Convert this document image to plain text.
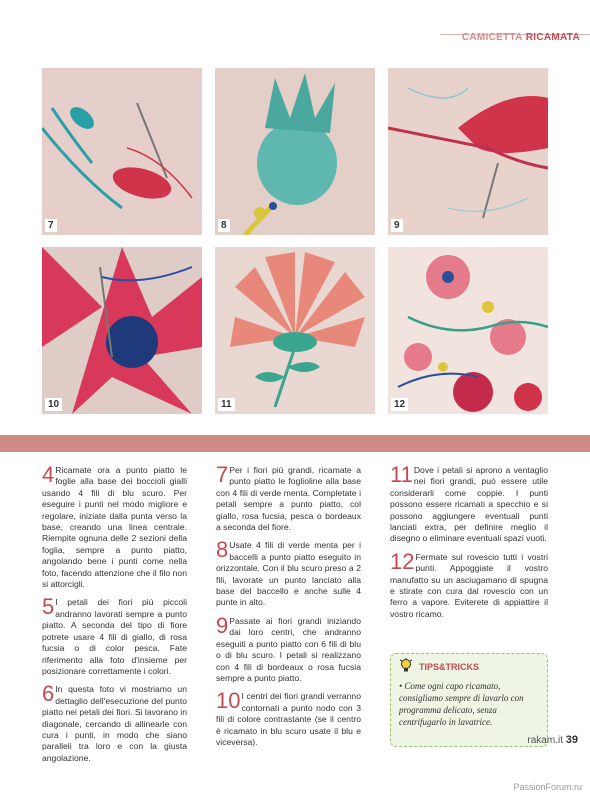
CAMICETTA RICAMATA
7	8	9
10	11	12

4 Ricamate ora a punto piatto le foglie alla base dei boccioli gialli usando 4 fili di blu scuro. Per eseguire i punti nel modo migliore e regolare, iniziate dalla punta verso la base, creando una linea centrale. Riempite ognuna delle 2 sezioni della foglia, sempre a punto piatto, angolando bene i punti come nella foto, facendo attenzione che il filo non si attorcigli.

5 I petali dei fiori più piccoli andranno lavorati sempre a punto piatto. A seconda del tipo di fiore potrete usare 4 fili di giallo, di rosa fucsia o di color pesca. Fate riferimento alla foto d'insieme per posizionare correttamente i colori.

6 In questa foto vi mostriamo un dettaglio dell'esecuzione del punto piatto nei petali dei fiori. Si lavorano in diagonale, cercando di allinearle con cura i punti, in modo che siano paralleli tra loro e con la giusta angolazione.

7 Per i fiori più grandi, ricamate a punto piatto le foglioline alla base con 4 fili di verde menta. Completate i petali sempre a punto piatto, col giallo, rosa fucsia, pesca o bordeaux a seconda del fiore.

8 Usate 4 fili di verde menta per i baccelli a punto piatto eseguito in orizzontale. Con il blu scuro preso a 2 fili, lavorate un punto lanciato alla base del baccello e anche sulle 4 punte in alto.

9 Passate ai fiori grandi iniziando dai loro centri, che andranno eseguiti a punto piatto con 6 fili di blu o di blu scuro. I petali si realizzano con 4 fili di bordeaux o rosa fucsia sempre a punto piatto.

10 I centri dei fiori grandi verranno contornati a punto nodo con 3 fili di colore contrastante (se il centro è ricamato in blu scuro usate il blu e viceversa).

11 Dove i petali si aprono a ventaglio nei fiori grandi, può essere utile considerarli come coppie. I punti possono essere ricamati a specchio e si possono aggiungere eventuali punti lanciati extra, per definire meglio il disegno o eliminare eventuali spazi vuoti.

12 Fermate sul rovescio tutti i vostri punti. Appoggiate il vostro manufatto su un asciugamano di spugna e stirate con cura dal rovescio con un ferro a vapore. Eviterete di appiattire il vostro ricamo.

TIPS&TRICKS
• Come ogni capo ricamato, consigliamo sempre di lavarlo con programma delicato, senza centrifugarlo in lavatrice.
rakam.it 39
PassionForum.ru
